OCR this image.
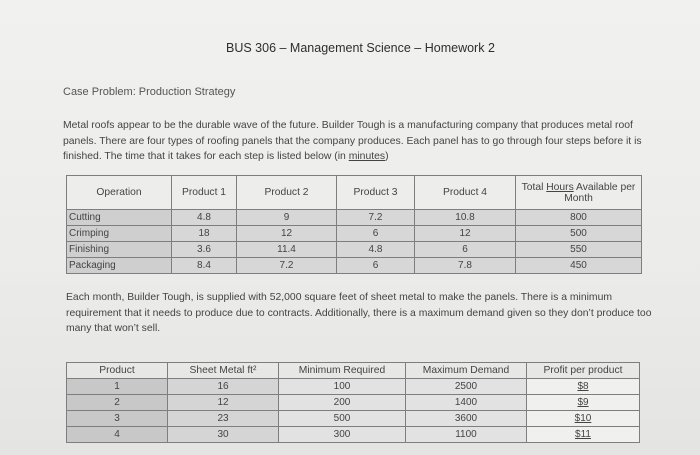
BUS 306 – Management Science – Homework 2
Case Problem: Production Strategy
Metal roofs appear to be the durable wave of the future. Builder Tough is a manufacturing company that produces metal roof panels. There are four types of roofing panels that the company produces. Each panel has to go through four steps before it is finished. The time that it takes for each step is listed below (in minutes)
Operation	Product 1	Product 2	Product 3	Product 4	Total Hours Available per Month
Cutting	4.8	9	7.2	10.8	800
Crimping	18	12	6	12	500
Finishing	3.6	11.4	4.8	6	550
Packaging	8.4	7.2	6	7.8	450
Each month, Builder Tough, is supplied with 52,000 square feet of sheet metal to make the panels. There is a minimum requirement that it needs to produce due to contracts. Additionally, there is a maximum demand given so they don’t produce too many that won’t sell.
Product	Sheet Metal ft²	Minimum Required	Maximum Demand	Profit per product
1	16	100	2500	$8
2	12	200	1400	$9
3	23	500	3600	$10
4	30	300	1100	$11
